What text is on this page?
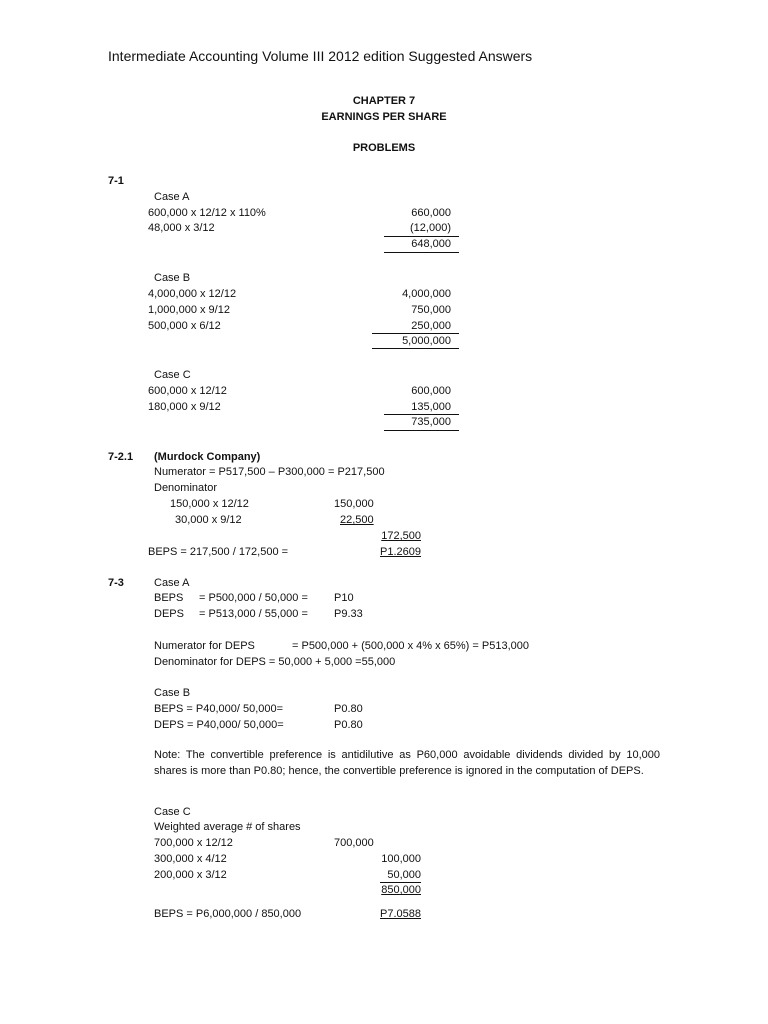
Intermediate Accounting Volume III 2012 edition Suggested Answers
CHAPTER 7
EARNINGS PER SHARE
PROBLEMS
7-1
Case A
600,000 x 12/12 x 110%	660,000
48,000 x 3/12	(12,000)
648,000
Case B
4,000,000 x 12/12	4,000,000
1,000,000 x 9/12	750,000
500,000 x 6/12	250,000
5,000,000
Case C
600,000 x 12/12	600,000
180,000 x 9/12	135,000
735,000
7-2.1 (Murdock Company)
Numerator = P517,500 – P300,000 = P217,500
Denominator
150,000 x 12/12	150,000
30,000 x 9/12	22,500
172,500
BEPS = 217,500 / 172,500 =	P1.2609
7-3	Case A
BEPS = P500,000 / 50,000 = P10
DEPS = P513,000 / 55,000 = P9.33
Numerator for DEPS	= P500,000 + (500,000 x 4% x 65%) = P513,000
Denominator for DEPS = 50,000 + 5,000 =55,000
Case B
BEPS = P40,000/ 50,000=	P0.80
DEPS = P40,000/ 50,000=	P0.80
Note: The convertible preference is antidilutive as P60,000 avoidable dividends divided by 10,000 shares is more than P0.80; hence, the convertible preference is ignored in the computation of DEPS.
Case C
Weighted average # of shares
700,000 x 12/12	700,000
300,000 x 4/12	100,000
200,000 x 3/12	50,000
850,000
BEPS = P6,000,000 / 850,000	P7.0588
